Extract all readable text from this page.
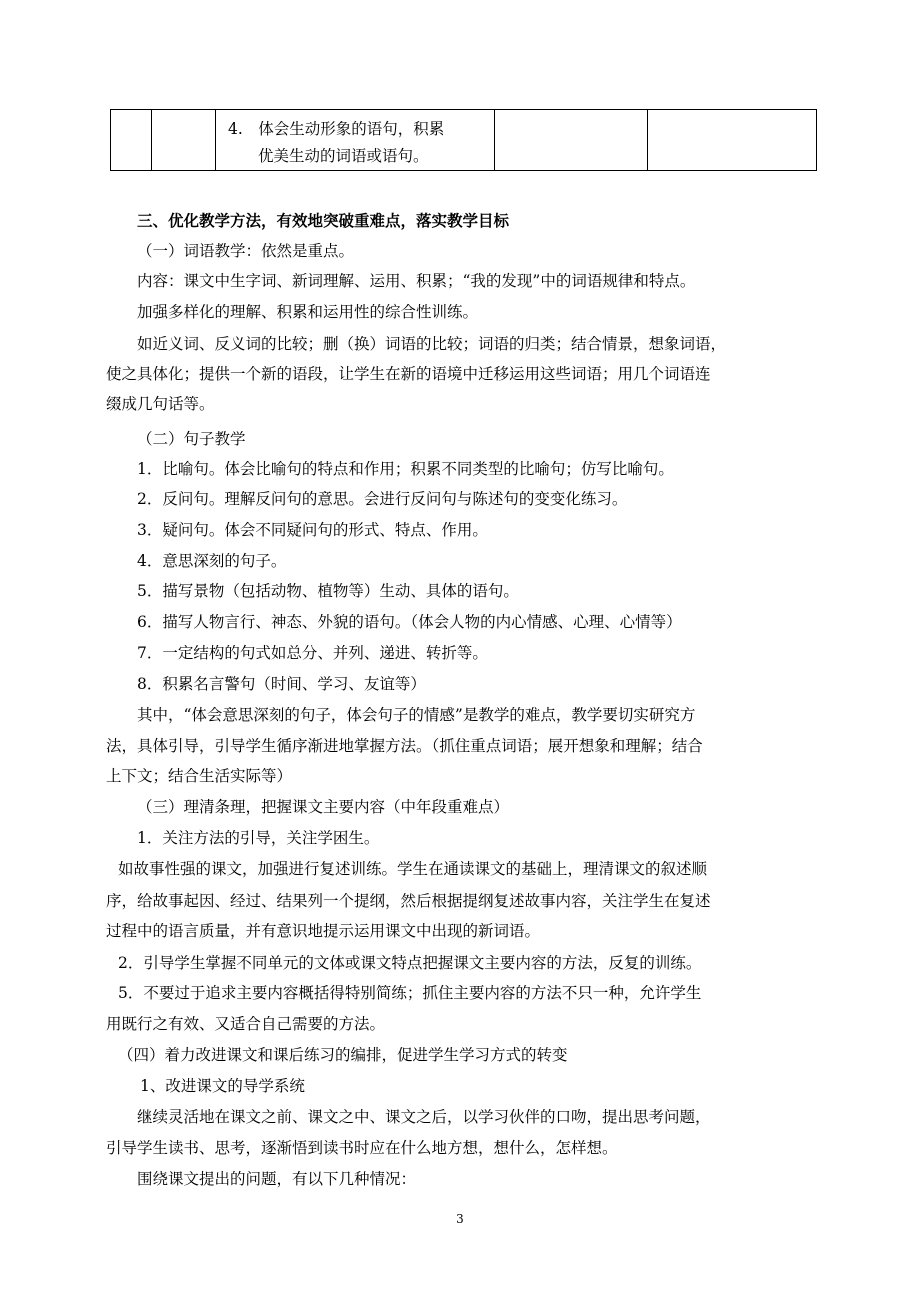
4.　体会生动形象的语句，积累
优美生动的词语或语句。

三、优化教学方法，有效地突破重难点，落实教学目标
（一）词语教学：依然是重点。
内容：课文中生字词、新词理解、运用、积累；“我的发现”中的词语规律和特点。
加强多样化的理解、积累和运用性的综合性训练。
如近义词、反义词的比较；删（换）词语的比较；词语的归类；结合情景，想象词语，
使之具体化；提供一个新的语段，让学生在新的语境中迁移运用这些词语；用几个词语连
缀成几句话等。
（二）句子教学
1．比喻句。体会比喻句的特点和作用；积累不同类型的比喻句；仿写比喻句。
2．反问句。理解反问句的意思。会进行反问句与陈述句的变变化练习。
3．疑问句。体会不同疑问句的形式、特点、作用。
4．意思深刻的句子。
5．描写景物（包括动物、植物等）生动、具体的语句。
6．描写人物言行、神态、外貌的语句。（体会人物的内心情感、心理、心情等）
7．一定结构的句式如总分、并列、递进、转折等。
8．积累名言警句（时间、学习、友谊等）
其中，“体会意思深刻的句子，体会句子的情感”是教学的难点，教学要切实研究方
法，具体引导，引导学生循序渐进地掌握方法。（抓住重点词语；展开想象和理解；结合
上下文；结合生活实际等）
（三）理清条理，把握课文主要内容（中年段重难点）
1．关注方法的引导，关注学困生。
如故事性强的课文，加强进行复述训练。学生在通读课文的基础上，理清课文的叙述顺
序，给故事起因、经过、结果列一个提纲，然后根据提纲复述故事内容，关注学生在复述
过程中的语言质量，并有意识地提示运用课文中出现的新词语。
2．引导学生掌握不同单元的文体或课文特点把握课文主要内容的方法，反复的训练。
5．不要过于追求主要内容概括得特别简练；抓住主要内容的方法不只一种，允许学生
用既行之有效、又适合自己需要的方法。
（四）着力改进课文和课后练习的编排，促进学生学习方式的转变
1、改进课文的导学系统
继续灵活地在课文之前、课文之中、课文之后，以学习伙伴的口吻，提出思考问题，
引导学生读书、思考，逐渐悟到读书时应在什么地方想，想什么，怎样想。
围绕课文提出的问题，有以下几种情况：
3
